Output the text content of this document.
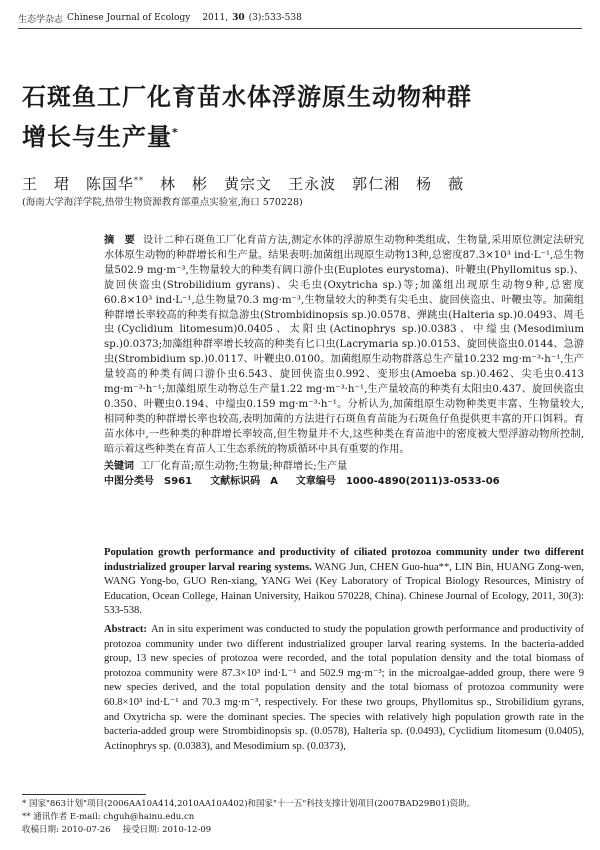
生态学杂志 Chinese Journal of Ecology 2011, 30 (3):533-538
石斑鱼工厂化育苗水体浮游原生动物种群
增长与生产量*
王　珺 陈国华** 林　彬 黄宗文 王永波 郭仁湘 杨　薇
(海南大学海洋学院,热带生物资源教育部重点实验室,海口 570228)
摘　要 设计二种石斑鱼工厂化育苗方法,测定水体的浮游原生动物种类组成、生物量,采用原位测定法研究水体原生动物的种群增长和生产量。结果表明:加菌组出现原生动物13种,总密度87.3×10³ ind·L⁻¹,总生物量502.9 mg·m⁻³,生物量较大的种类有阔口游仆虫(Euplotes eurystoma)、叶鞭虫(Phyllomitus sp.)、旋回侠盗虫(Strobilidium gyrans)、尖毛虫(Oxytricha sp.)等;加藻组出现原生动物9种,总密度60.8×10³ ind·L⁻¹,总生物量70.3 mg·m⁻³,生物量较大的种类有尖毛虫、旋回侠盗虫、叶鞭虫等。加菌组种群增长率较高的种类有拟急游虫(Strombidinopsis sp.)0.0578、弹跳虫(Halteria sp.)0.0493、周毛虫(Cyclidium litomesum)0.0405、太阳虫(Actinophrys sp.)0.0383、中缢虫(Mesodimium sp.)0.0373;加藻组种群率增长较高的种类有匕口虫(Lacrymaria sp.)0.0153、旋回侠盗虫0.0144、急游虫(Strombidium sp.)0.0117、叶鞭虫0.0100。加菌组原生动物群落总生产量10.232 mg·m⁻³·h⁻¹,生产量较高的种类有阔口游仆虫6.543、旋回侠盗虫0.992、变形虫(Amoeba sp.)0.462、尖毛虫0.413 mg·m⁻³·h⁻¹;加藻组原生动物总生产量1.22 mg·m⁻³·h⁻¹,生产量较高的种类有太阳虫0.437、旋回侠盗虫0.350、叶鞭虫0.194、中缢虫0.159 mg·m⁻³·h⁻¹。分析认为,加菌组原生动物种类更丰富、生物量较大,相同种类的种群增长率也较高,表明加菌的方法进行石斑鱼育苗能为石斑鱼仔鱼提供更丰富的开口饵料。育苗水体中,一些种类的种群增长率较高,但生物量并不大,这些种类在育苗池中的密度被大型浮游动物所控制,暗示着这些种类在育苗人工生态系统的物质循环中具有重要的作用。
关键词 工厂化育苗;原生动物;生物量;种群增长;生产量
中图分类号　S961 文献标识码　A 文章编号　1000-4890(2011)3-0533-06

Population growth performance and productivity of ciliated protozoa community under two different industrialized grouper larval rearing systems. WANG Jun, CHEN Guo-hua**, LIN Bin, HUANG Zong-wen, WANG Yong-bo, GUO Ren-xiang, YANG Wei (Key Laboratory of Tropical Biology Resources, Ministry of Education, Ocean College, Hainan University, Haikou 570228, China). Chinese Journal of Ecology, 2011, 30(3): 533-538.

Abstract: An in situ experiment was conducted to study the population growth performance and productivity of protozoa community under two different industrialized grouper larval rearing systems. In the bacteria-added group, 13 new species of protozoa were recorded, and the total population density and the total biomass of protozoa community were 87.3×10³ ind·L⁻¹ and 502.9 mg·m⁻³; in the microalgae-added group, there were 9 new species derived, and the total population density and the total biomass of protozoa community were 60.8×10³ ind·L⁻¹ and 70.3 mg·m⁻³, respectively. For these two groups, Phyllomitus sp., Strobilidium gyrans, and Oxytricha sp. were the dominant species. The species with relatively high population growth rate in the bacteria-added group were Strombidinopsis sp. (0.0578), Halteria sp. (0.0493), Cyclidium litomesum (0.0405), Actinophrys sp. (0.0383), and Mesodimium sp. (0.0373),

* 国家"863计划"项目(2006AA10A414,2010AA10A402)和国家"十一五"科技支撑计划项目(2007BAD29B01)资助。
** 通讯作者 E-mail: chguh@hainu.edu.cn
收稿日期: 2010-07-26 接受日期: 2010-12-09
